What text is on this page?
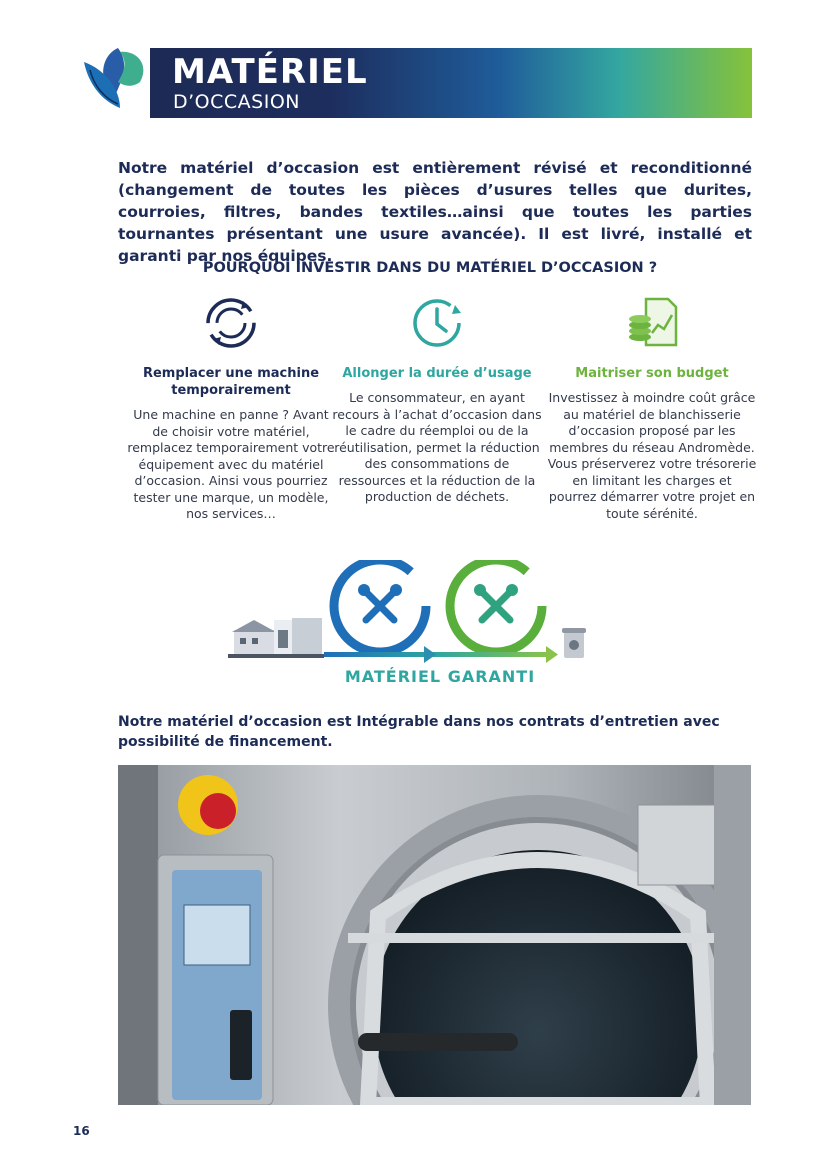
MATÉRIEL
D’OCCASION
Notre matériel d’occasion est entièrement révisé et reconditionné (changement de toutes les pièces d’usures telles que durites, courroies, filtres, bandes textiles…ainsi que toutes les parties tournantes présentant une usure avancée). Il est livré, installé et garanti par nos équipes.
POURQUOI INVESTIR DANS DU MATÉRIEL D’OCCASION ?
Remplacer une machine temporairement
Une machine en panne ? Avant de choisir votre matériel, remplacez temporairement votre équipement avec du matériel d’occasion. Ainsi vous pourriez tester une marque, un modèle, nos services…
Allonger la durée d’usage
Le consommateur, en ayant recours à l’achat d’occasion dans le cadre du réemploi ou de la réutilisation, permet la réduction des consommations de ressources et la réduction de la production de déchets.
Maitriser son budget
Investissez à moindre coût grâce au matériel de blanchisserie d’occasion proposé par les membres du réseau Andromède. Vous préserverez votre trésorerie en limitant les charges et pourrez démarrer votre projet en toute sérénité.
MATÉRIEL GARANTI
Notre matériel d’occasion est Intégrable dans nos contrats d’entretien avec possibilité de financement.
16
